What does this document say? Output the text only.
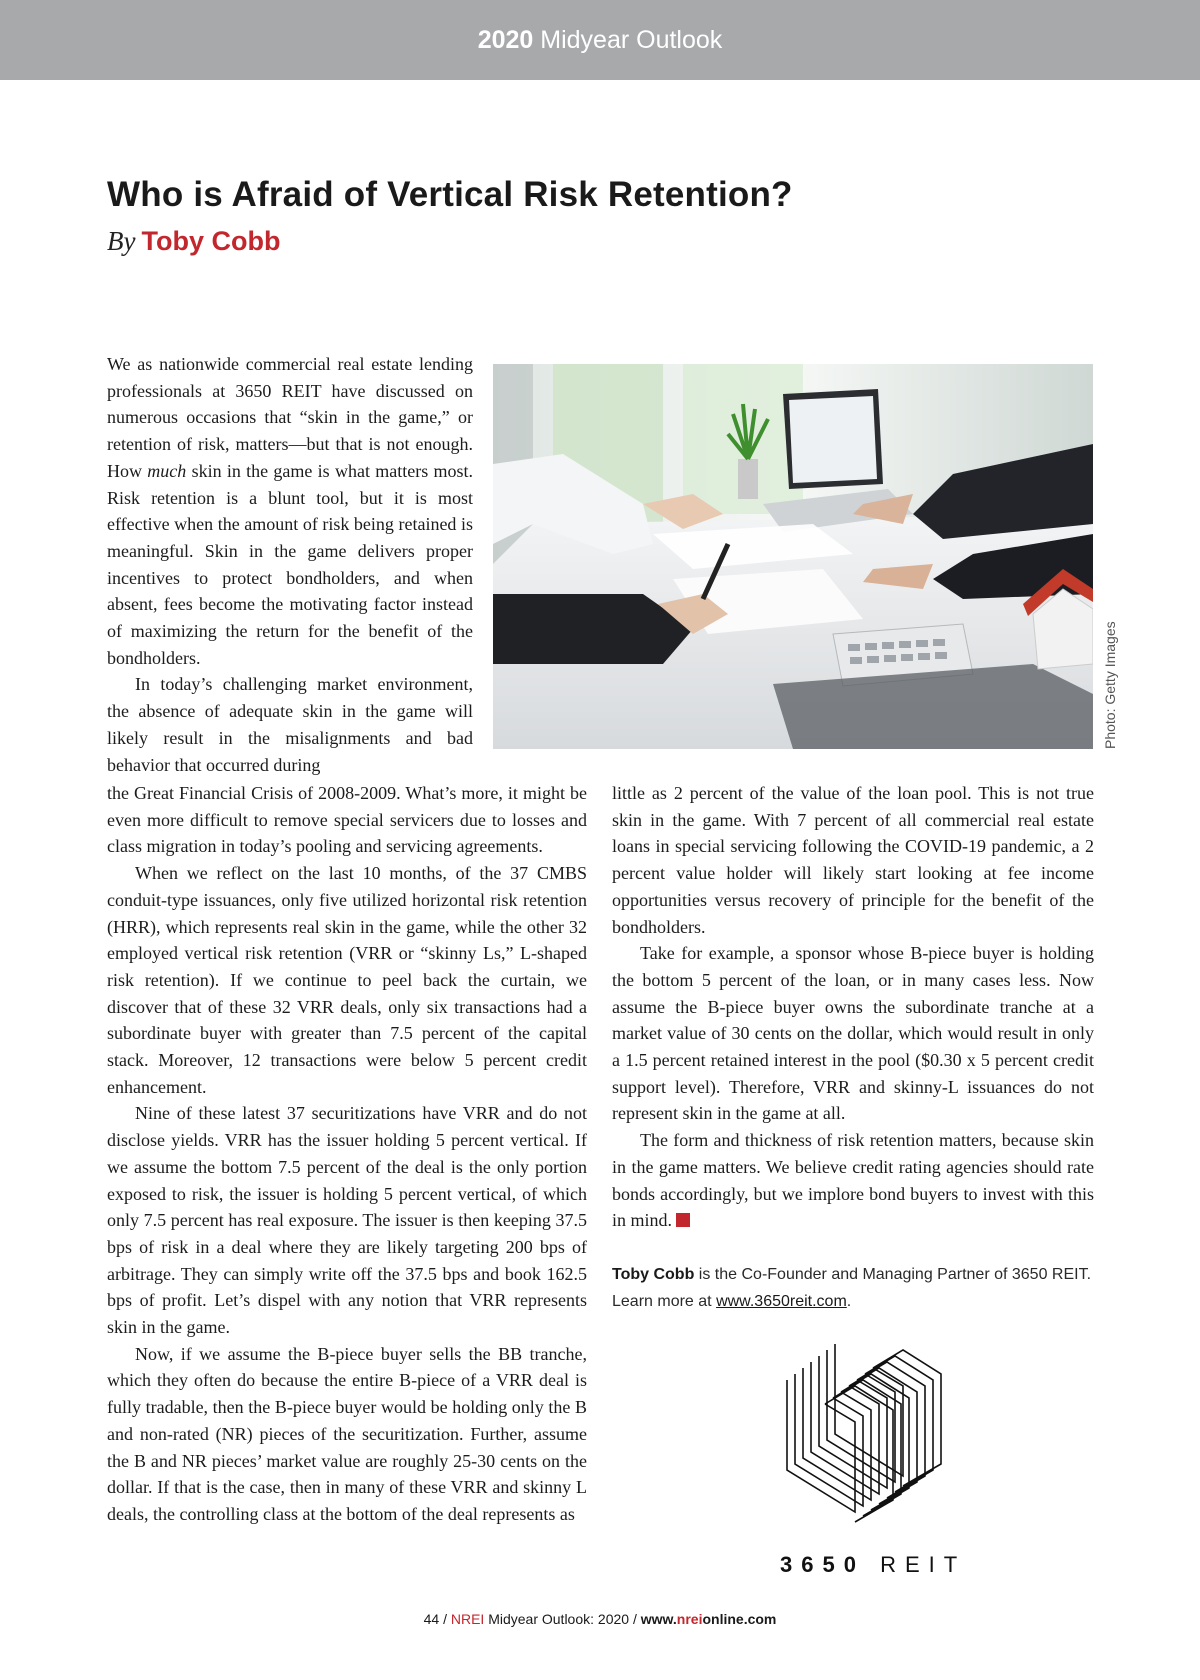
2020 Midyear Outlook
Who is Afraid of Vertical Risk Retention?
By Toby Cobb

We as nationwide commercial real estate lending professionals at 3650 REIT have discussed on numerous occasions that “skin in the game,” or retention of risk, matters—but that is not enough. How much skin in the game is what matters most. Risk retention is a blunt tool, but it is most effective when the amount of risk being retained is meaningful. Skin in the game delivers proper incentives to protect bondholders, and when absent, fees become the motivating factor instead of maximizing the return for the benefit of the bondholders.

In today’s challenging market environment, the absence of adequate skin in the game will likely result in the misalignments and bad behavior that occurred during

the Great Financial Crisis of 2008-2009. What’s more, it might be even more difficult to remove special servicers due to losses and class migration in today’s pooling and servicing agreements.

When we reflect on the last 10 months, of the 37 CMBS conduit-type issuances, only five utilized horizontal risk retention (HRR), which represents real skin in the game, while the other 32 employed vertical risk retention (VRR or “skinny Ls,” L-shaped risk retention). If we continue to peel back the curtain, we discover that of these 32 VRR deals, only six transactions had a subordinate buyer with greater than 7.5 percent of the capital stack. Moreover, 12 transactions were below 5 percent credit enhancement.

Nine of these latest 37 securitizations have VRR and do not disclose yields. VRR has the issuer holding 5 percent vertical. If we assume the bottom 7.5 percent of the deal is the only portion exposed to risk, the issuer is holding 5 percent vertical, of which only 7.5 percent has real exposure. The issuer is then keeping 37.5 bps of risk in a deal where they are likely targeting 200 bps of arbitrage. They can simply write off the 37.5 bps and book 162.5 bps of profit. Let’s dispel with any notion that VRR represents skin in the game.

Now, if we assume the B-piece buyer sells the BB tranche, which they often do because the entire B-piece of a VRR deal is fully tradable, then the B-piece buyer would be holding only the B and non-rated (NR) pieces of the securitization. Further, assume the B and NR pieces’ market value are roughly 25-30 cents on the dollar. If that is the case, then in many of these VRR and skinny L deals, the controlling class at the bottom of the deal represents as

little as 2 percent of the value of the loan pool. This is not true skin in the game. With 7 percent of all commercial real estate loans in special servicing following the COVID-19 pandemic, a 2 percent value holder will likely start looking at fee income opportunities versus recovery of principle for the benefit of the bondholders.

Take for example, a sponsor whose B-piece buyer is holding the bottom 5 percent of the loan, or in many cases less. Now assume the B-piece buyer owns the subordinate tranche at a market value of 30 cents on the dollar, which would result in only a 1.5 percent retained interest in the pool ($0.30 x 5 percent credit support level). Therefore, VRR and skinny-L issuances do not represent skin in the game at all.

The form and thickness of risk retention matters, because skin in the game matters. We believe credit rating agencies should rate bonds accordingly, but we implore bond buyers to invest with this in mind.

Photo: Getty Images

Toby Cobb is the Co-Founder and Managing Partner of 3650 REIT.

Learn more at www.3650reit.com.

3650 REIT
44 / NREI Midyear Outlook: 2020 / www.nreionline.com
